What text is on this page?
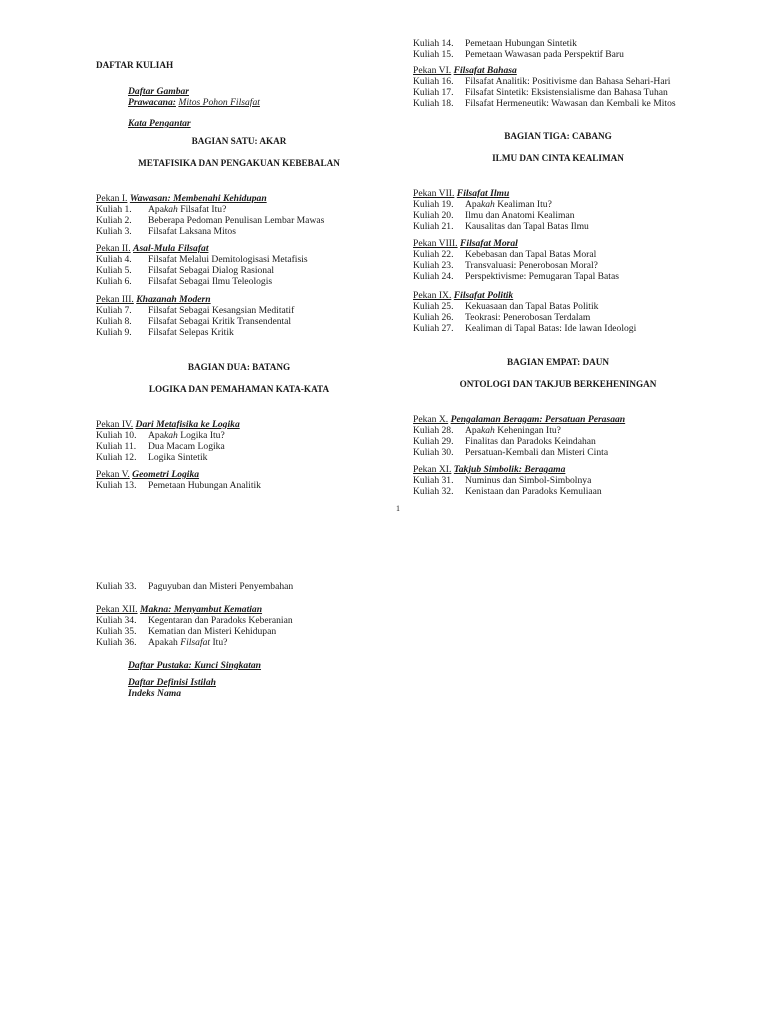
DAFTAR KULIAH
Daftar Gambar
Prawacana: Mitos Pohon Filsafat
Kata Pengantar
BAGIAN SATU: AKAR
METAFISIKA DAN PENGAKUAN KEBEBALAN
Pekan I. Wawasan: Membenahi Kehidupan
Kuliah 1. Apakah Filsafat Itu?
Kuliah 2. Beberapa Pedoman Penulisan Lembar Mawas
Kuliah 3. Filsafat Laksana Mitos
Pekan II. Asal-Mula Filsafat
Kuliah 4. Filsafat Melalui Demitologisasi Metafisis
Kuliah 5. Filsafat Sebagai Dialog Rasional
Kuliah 6. Filsafat Sebagai Ilmu Teleologis
Pekan III. Khazanah Modern
Kuliah 7. Filsafat Sebagai Kesangsian Meditatif
Kuliah 8. Filsafat Sebagai Kritik Transendental
Kuliah 9. Filsafat Selepas Kritik
BAGIAN DUA: BATANG
LOGIKA DAN PEMAHAMAN KATA-KATA
Pekan IV. Dari Metafisika ke Logika
Kuliah 10. Apakah Logika Itu?
Kuliah 11. Dua Macam Logika
Kuliah 12. Logika Sintetik
Pekan V. Geometri Logika
Kuliah 13. Pemetaan Hubungan Analitik
Kuliah 14. Pemetaan Hubungan Sintetik
Kuliah 15. Pemetaan Wawasan pada Perspektif Baru
Pekan VI. Filsafat Bahasa
Kuliah 16. Filsafat Analitik: Positivisme dan Bahasa Sehari-Hari
Kuliah 17. Filsafat Sintetik: Eksistensialisme dan Bahasa Tuhan
Kuliah 18. Filsafat Hermeneutik: Wawasan dan Kembali ke Mitos
BAGIAN TIGA: CABANG
ILMU DAN CINTA KEALIMAN
Pekan VII. Filsafat Ilmu
Kuliah 19. Apakah Kealiman Itu?
Kuliah 20. Ilmu dan Anatomi Kealiman
Kuliah 21. Kausalitas dan Tapal Batas Ilmu
Pekan VIII. Filsafat Moral
Kuliah 22. Kebebasan dan Tapal Batas Moral
Kuliah 23. Transvaluasi: Penerobosan Moral?
Kuliah 24. Perspektivisme: Pemugaran Tapal Batas
Pekan IX. Filsafat Politik
Kuliah 25. Kekuasaan dan Tapal Batas Politik
Kuliah 26. Teokrasi: Penerobosan Terdalam
Kuliah 27. Kealiman di Tapal Batas: Ide lawan Ideologi
BAGIAN EMPAT: DAUN
ONTOLOGI DAN TAKJUB BERKEHENINGAN
Pekan X. Pengalaman Beragam: Persatuan Perasaan
Kuliah 28. Apakah Keheningan Itu?
Kuliah 29. Finalitas dan Paradoks Keindahan
Kuliah 30. Persatuan-Kembali dan Misteri Cinta
Pekan XI. Takjub Simbolik: Beragama
Kuliah 31. Numinus dan Simbol-Simbolnya
Kuliah 32. Kenistaan dan Paradoks Kemuliaan
1
Kuliah 33. Paguyuban dan Misteri Penyembahan
Pekan XII. Makna: Menyambut Kematian
Kuliah 34. Kegentaran dan Paradoks Keberanian
Kuliah 35. Kematian dan Misteri Kehidupan
Kuliah 36. Apakah Filsafat Itu?
Daftar Pustaka: Kunci Singkatan
Daftar Definisi Istilah
Indeks Nama
